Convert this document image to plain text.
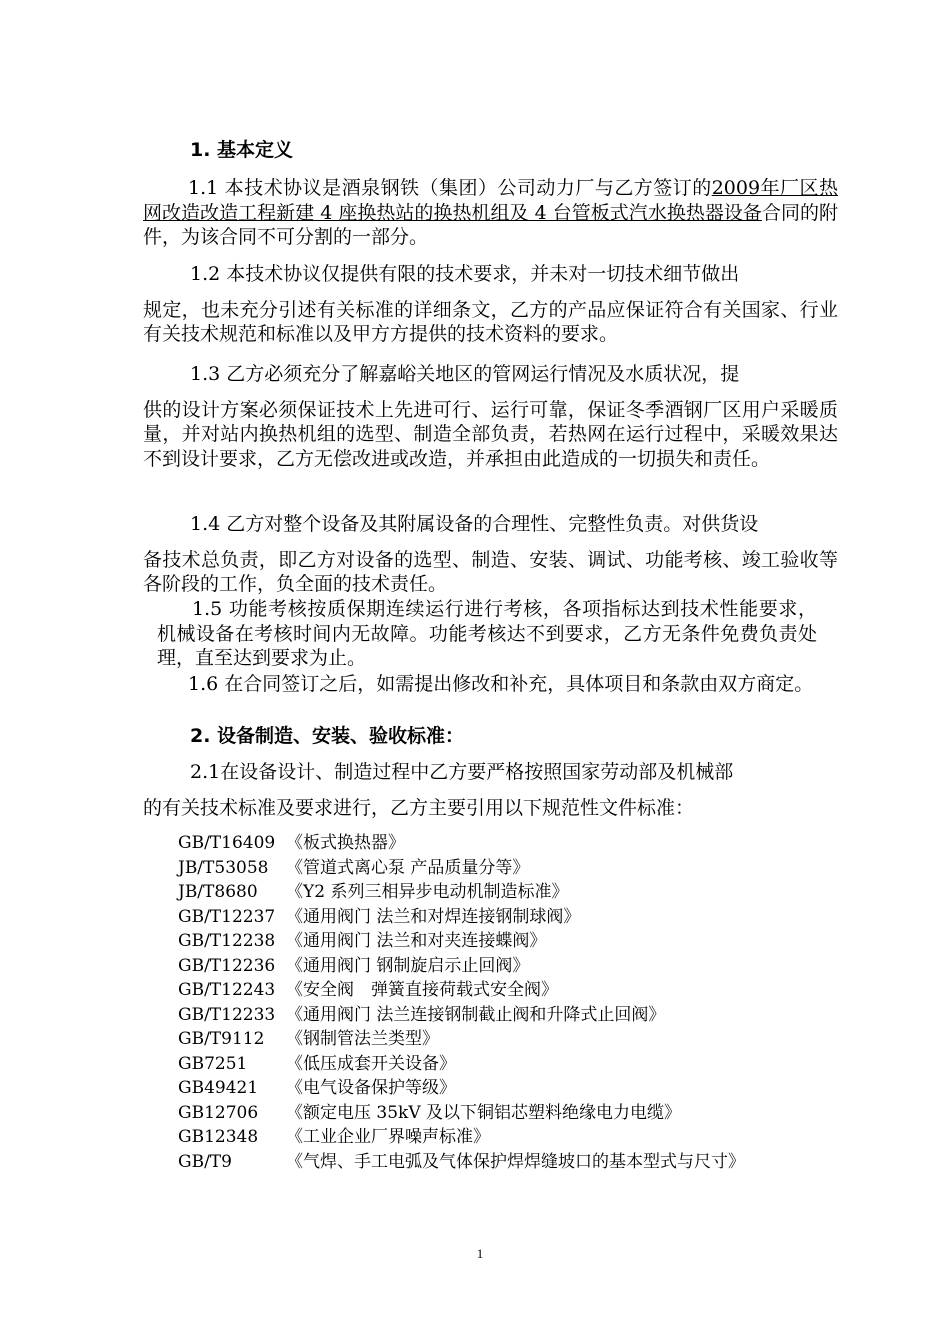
1. 基本定义
1.1 本技术协议是酒泉钢铁（集团）公司动力厂与乙方签订的2009年厂区热网改造改造工程新建 4 座换热站的换热机组及 4 台管板式汽水换热器设备合同的附件，为该合同不可分割的一部分。
1.2 本技术协议仅提供有限的技术要求，并未对一切技术细节做出
规定，也未充分引述有关标准的详细条文，乙方的产品应保证符合有关国家、行业有关技术规范和标准以及甲方方提供的技术资料的要求。
1.3 乙方必须充分了解嘉峪关地区的管网运行情况及水质状况，提
供的设计方案必须保证技术上先进可行、运行可靠，保证冬季酒钢厂区用户采暖质量，并对站内换热机组的选型、制造全部负责，若热网在运行过程中，采暖效果达不到设计要求，乙方无偿改进或改造，并承担由此造成的一切损失和责任。
1.4 乙方对整个设备及其附属设备的合理性、完整性负责。对供货设
备技术总负责，即乙方对设备的选型、制造、安装、调试、功能考核、竣工验收等各阶段的工作，负全面的技术责任。
1.5 功能考核按质保期连续运行进行考核，各项指标达到技术性能要求，机械设备在考核时间内无故障。功能考核达不到要求，乙方无条件免费负责处理，直至达到要求为止。
1.6 在合同签订之后，如需提出修改和补充，具体项目和条款由双方商定。
2. 设备制造、安装、验收标准：
2.1在设备设计、制造过程中乙方要严格按照国家劳动部及机械部
的有关技术标准及要求进行，乙方主要引用以下规范性文件标准：
GB/T16409 《板式换热器》
JB/T53058	《管道式离心泵 产品质量分等》
JB/T8680	《Y2 系列三相异步电动机制造标准》
GB/T12237 《通用阀门 法兰和对焊连接钢制球阀》
GB/T12238 《通用阀门 法兰和对夹连接蝶阀》
GB/T12236 《通用阀门 钢制旋启示止回阀》
GB/T12243 《安全阀　弹簧直接荷载式安全阀》
GB/T12233 《通用阀门 法兰连接钢制截止阀和升降式止回阀》
GB/T9112	《钢制管法兰类型》
GB7251	《低压成套开关设备》
GB49421	《电气设备保护等级》
GB12706	《额定电压 35kV 及以下铜铝芯塑料绝缘电力电缆》
GB12348	《工业企业厂界噪声标准》
GB/T9	《气焊、手工电弧及气体保护焊焊缝坡口的基本型式与尺寸》
1
